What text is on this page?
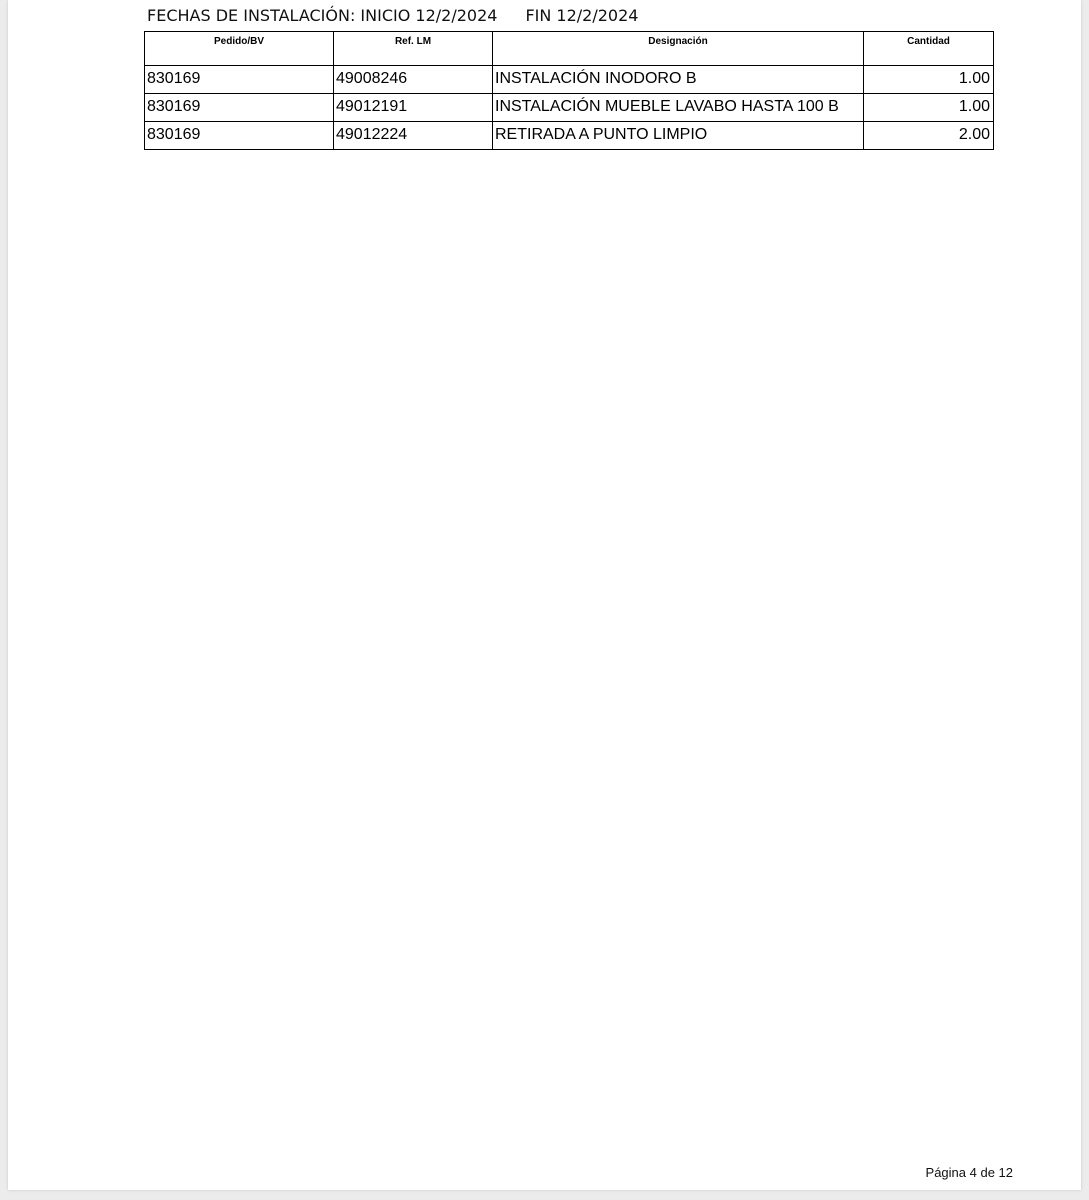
FECHAS DE INSTALACIÓN: INICIO 12/2/2024 FIN 12/2/2024
Pedido/BV	Ref. LM	Designación	Cantidad
830169	49008246	INSTALACIÓN INODORO B	1.00
830169	49012191	INSTALACIÓN MUEBLE LAVABO HASTA 100 B	1.00
830169	49012224	RETIRADA A PUNTO LIMPIO	2.00
Página 4 de 12
